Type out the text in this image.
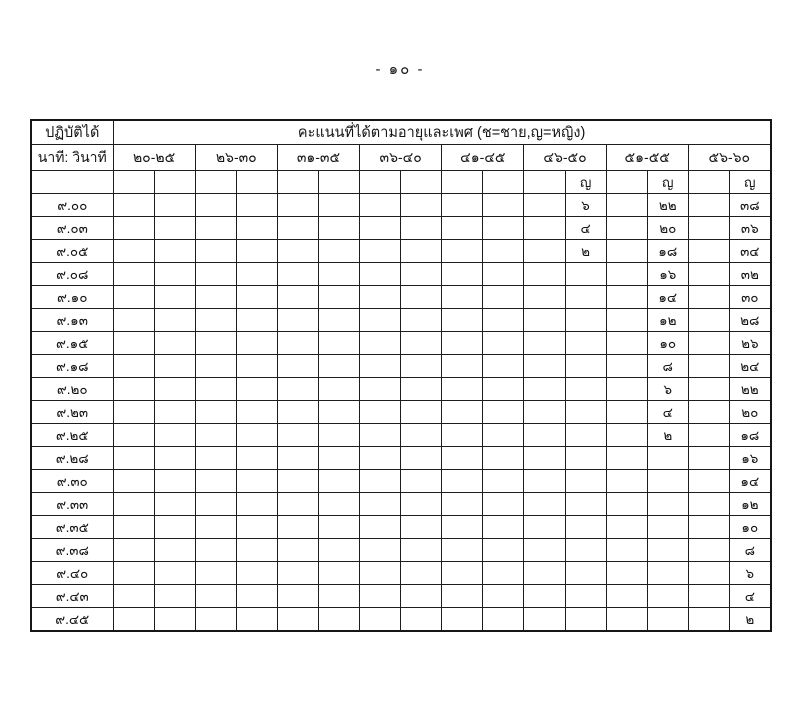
- ๑๐ -
ปฏิบัติได้	คะแนนที่ได้ตามอายุและเพศ (ช=ชาย,ญ=หญิง)															
นาที: วินาที	๒๐-๒๕		๒๖-๓๐		๓๑-๓๕		๓๖-๔๐		๔๑-๔๕		๔๖-๕๐		๕๑-๕๕		๕๖-๖๐	
												ญ		ญ		ญ
๙.๐๐												๖		๒๒		๓๘
๙.๐๓												๔		๒๐		๓๖
๙.๐๕												๒		๑๘		๓๔
๙.๐๘														๑๖		๓๒
๙.๑๐														๑๔		๓๐
๙.๑๓														๑๒		๒๘
๙.๑๕														๑๐		๒๖
๙.๑๘														๘		๒๔
๙.๒๐														๖		๒๒
๙.๒๓														๔		๒๐
๙.๒๕														๒		๑๘
๙.๒๘																๑๖
๙.๓๐																๑๔
๙.๓๓																๑๒
๙.๓๕																๑๐
๙.๓๘																๘
๙.๔๐																๖
๙.๔๓																๔
๙.๔๕																๒
